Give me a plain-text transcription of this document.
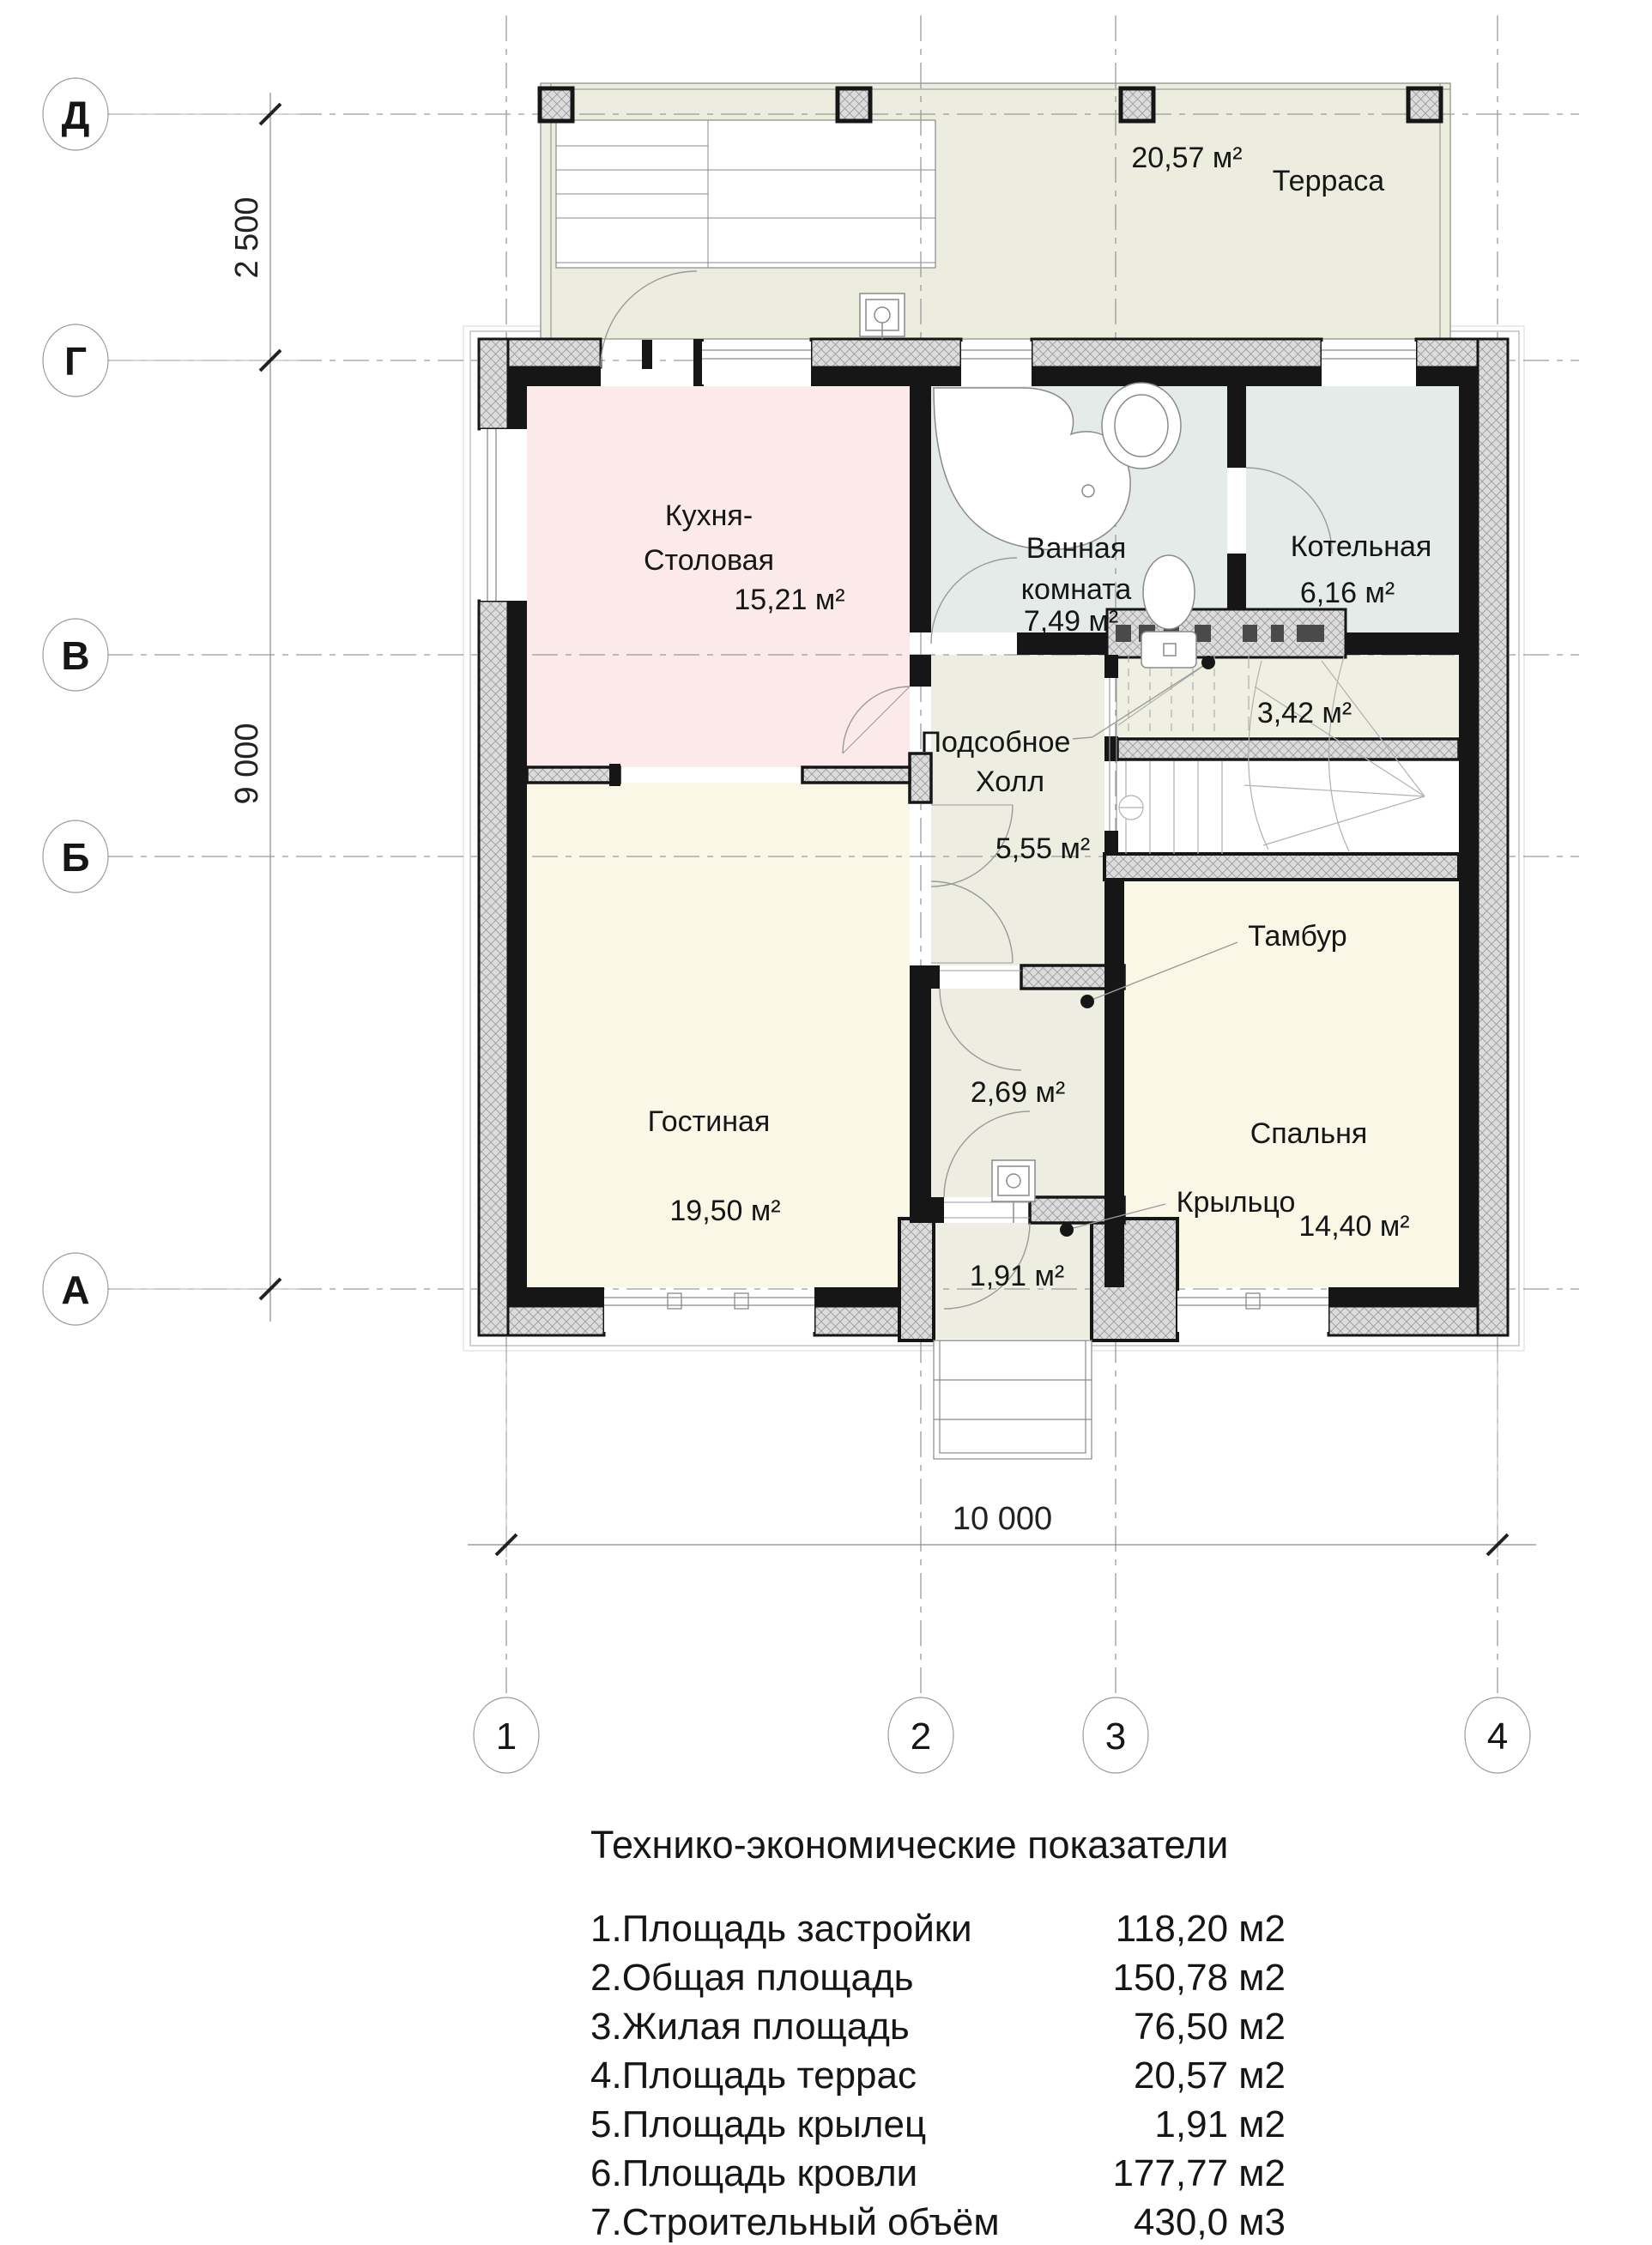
Терраса
20,57 м²
Кухня-
Столовая
15,21 м²
Ванная
комната
7,49 м²
Котельная
6,16 м²
Подсобное
Холл
5,55 м²
3,42 м²
Тамбур
2,69 м²
Гостиная
19,50 м²
Спальня
14,40 м²
Крыльцо
1,91 м²
2 500
9 000
10 000
Д
Г
В
Б
А
1	2	3	4
Технико-экономические показатели
1.Площадь застройки	118,20 м2
2.Общая площадь	150,78 м2
3.Жилая площадь	76,50 м2
4.Площадь террас	20,57 м2
5.Площадь крылец	1,91 м2
6.Площадь кровли	177,77 м2
7.Строительный объём	430,0 м3
